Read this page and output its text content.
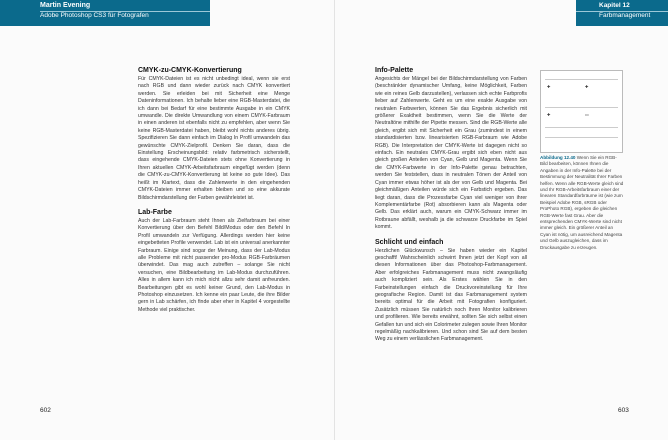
Martin Evening
Adobe Photoshop CS3 für Fotografen
Kapitel 12
Farbmanagement
CMYK-zu-CMYK-Konvertierung

Für CMYK-Dateien ist es nicht unbedingt ideal, wenn sie erst nach RGB und dann wieder zurück nach CMYK konvertiert werden. Sie erleiden bei mit Sicherheit eine Menge Dateninformationen. Ich behalte lieber eine RGB-Masterdatei, die ich dann bei Bedarf für eine bestimmte Ausgabe in ein CMYK umwandle. Die direkte Umwandlung von einem CMYK-Farbraum in einen anderen ist ebenfalls nicht zu empfehlen, aber wenn Sie keine RGB-Masterdatei haben, bleibt wohl nichts anderes übrig. Spezifizieren Sie dann einfach im Dialog In Profil umwandeln das gewünschte CMYK-Zielprofil. Denken Sie daran, dass die Einstellung Erscheinungsbild: relativ farbmetrisch sicherstellt, dass eingehende CMYK-Dateien stets ohne Konvertierung in Ihren aktuellen CMYK-Arbeitsfarbraum eingefügt werden (denn die CMYK-zu-CMYK-Konvertierung ist keine so gute Idee). Das heißt im Klartext, dass die Zahlenwerte in den eingehenden CMYK-Dateien immer erhalten bleiben und so eine akkurate Bildschirmdarstellung der Farben gewährleistet ist.

Lab-Farbe

Auch der Lab-Farbraum steht Ihnen als Zielfarbraum bei einer Konvertierung über den Befehl Bild/Modus oder den Befehl In Profil umwandeln zur Verfügung. Allerdings werden hier keine eingebetteten Profile verwendet. Lab ist ein universal anerkannter Farbraum. Einige sind sogar der Meinung, dass der Lab-Modus alle Probleme mit nicht passender pro-Modus RGB-Farbräumen überwindet. Das mag auch zutreffen – solange Sie nicht versuchen, eine Bildbearbeitung im Lab-Modus durchzuführen. Alles in allem kann ich mich nicht allzu sehr damit anfreunden. Bearbeitungen gibt es wohl keiner Grund, den Lab-Modus in Photoshop einzusetzen. Ich kenne ein paar Leute, die ihre Bilder gern in Lab schärfen, ich finde aber eher in Kapitel 4 vorgestellte Methode viel praktischer.

602
Info-Palette

Angesichts der Mängel bei der Bildschirmdarstellung von Farben (beschränkter dynamischer Umfang, keine Möglichkeit, Farben wie ein reines Gelb darzustellen), verlassen sich echte Farbprofis lieber auf Zahlenwerte. Geht es um eine exakte Ausgabe von neutralen Farbwerten, können Sie das Ergebnis sicherlich mit größerer Exaktheit bestimmen, wenn Sie die Werte der Neutraltöne mithilfe der Pipette messen. Sind die RGB-Werte alle gleich, ergibt sich mit Sicherheit ein Grau (zumindest in einem standardisierten bzw. linearisierten RGB-Farbraum wie Adobe RGB). Die Interpretation der CMYK-Werte ist dagegen nicht so einfach. Ein neutrales CMYK-Grau ergibt sich eben nicht aus gleich großen Anteilen von Cyan, Gelb und Magenta. Wenn Sie die CMYK-Farbwerte in der Info-Palette genau betrachten, werden Sie feststellen, dass in neutralen Tönen der Anteil von Cyan immer etwas höher ist als der von Gelb und Magenta. Bei gleichmäßigen Anteilen würde sich ein Farbstich ergeben. Das liegt daran, dass die Prozessfarbe Cyan viel weniger von ihrer Komplementärfarbe (Rot) absorbieren kann als Magenta oder Gelb. Das erklärt auch, warum ein CMYK-Schwarz immer im Rotbraune abfällt, weshalb ja die schwarze Druckfarbe im Spiel kommt.

Schlicht und einfach

Herzlichen Glückwunsch – Sie haben wieder ein Kapitel geschafft! Wahrscheinlich schwirrt Ihnen jetzt der Kopf von all diesen Informationen über das Photoshop-Farbmanagement. Aber erfolgreiches Farbmanagement muss nicht zwangsläufig auch kompliziert sein. Als Erstes wählen Sie in den Farbeinstellungen einfach die Druckvoreinstellung für Ihre geografische Region. Damit ist das Farbmanagement system bereits optimal für die Arbeit mit Fotografien konfiguriert. Zusätzlich müssen Sie natürlich noch Ihren Monitor kalibrieren und profilieren. Wie bereits erwähnt, sollten Sie sich selbst einen Gefallen tun und sich ein Colorimeter zulegen sowie Ihren Monitor regelmäßig nachkalibrieren. Und schon sind Sie auf dem besten Weg zu einem verlässlichen Farbmanagement.

✚	✚
✚	▭
Abbildung 12.40 Wenn Sie ein RGB-Bild bearbeiten, können Ihnen die Angaben in der Info-Palette bei der Bestimmung der Neutralität Ihrer Farben helfen. Wenn alle RGB-Werte gleich sind und Ihr RGB-Arbeitsfarbraum einer der linearen Standardfarbräume ist (wie zum Beispiel Adobe RGB, sRGB oder ProPhoto RGB), ergeben die gleichen RGB-Werte fast Grau. Aber die entsprechenden CMYK-Werte sind nicht immer gleich. Ein größerer Anteil an Cyan ist nötig, um ausreichend Magenta und Gelb auszugleichen, dass im Druckausgabe zu erzeugen.
603
